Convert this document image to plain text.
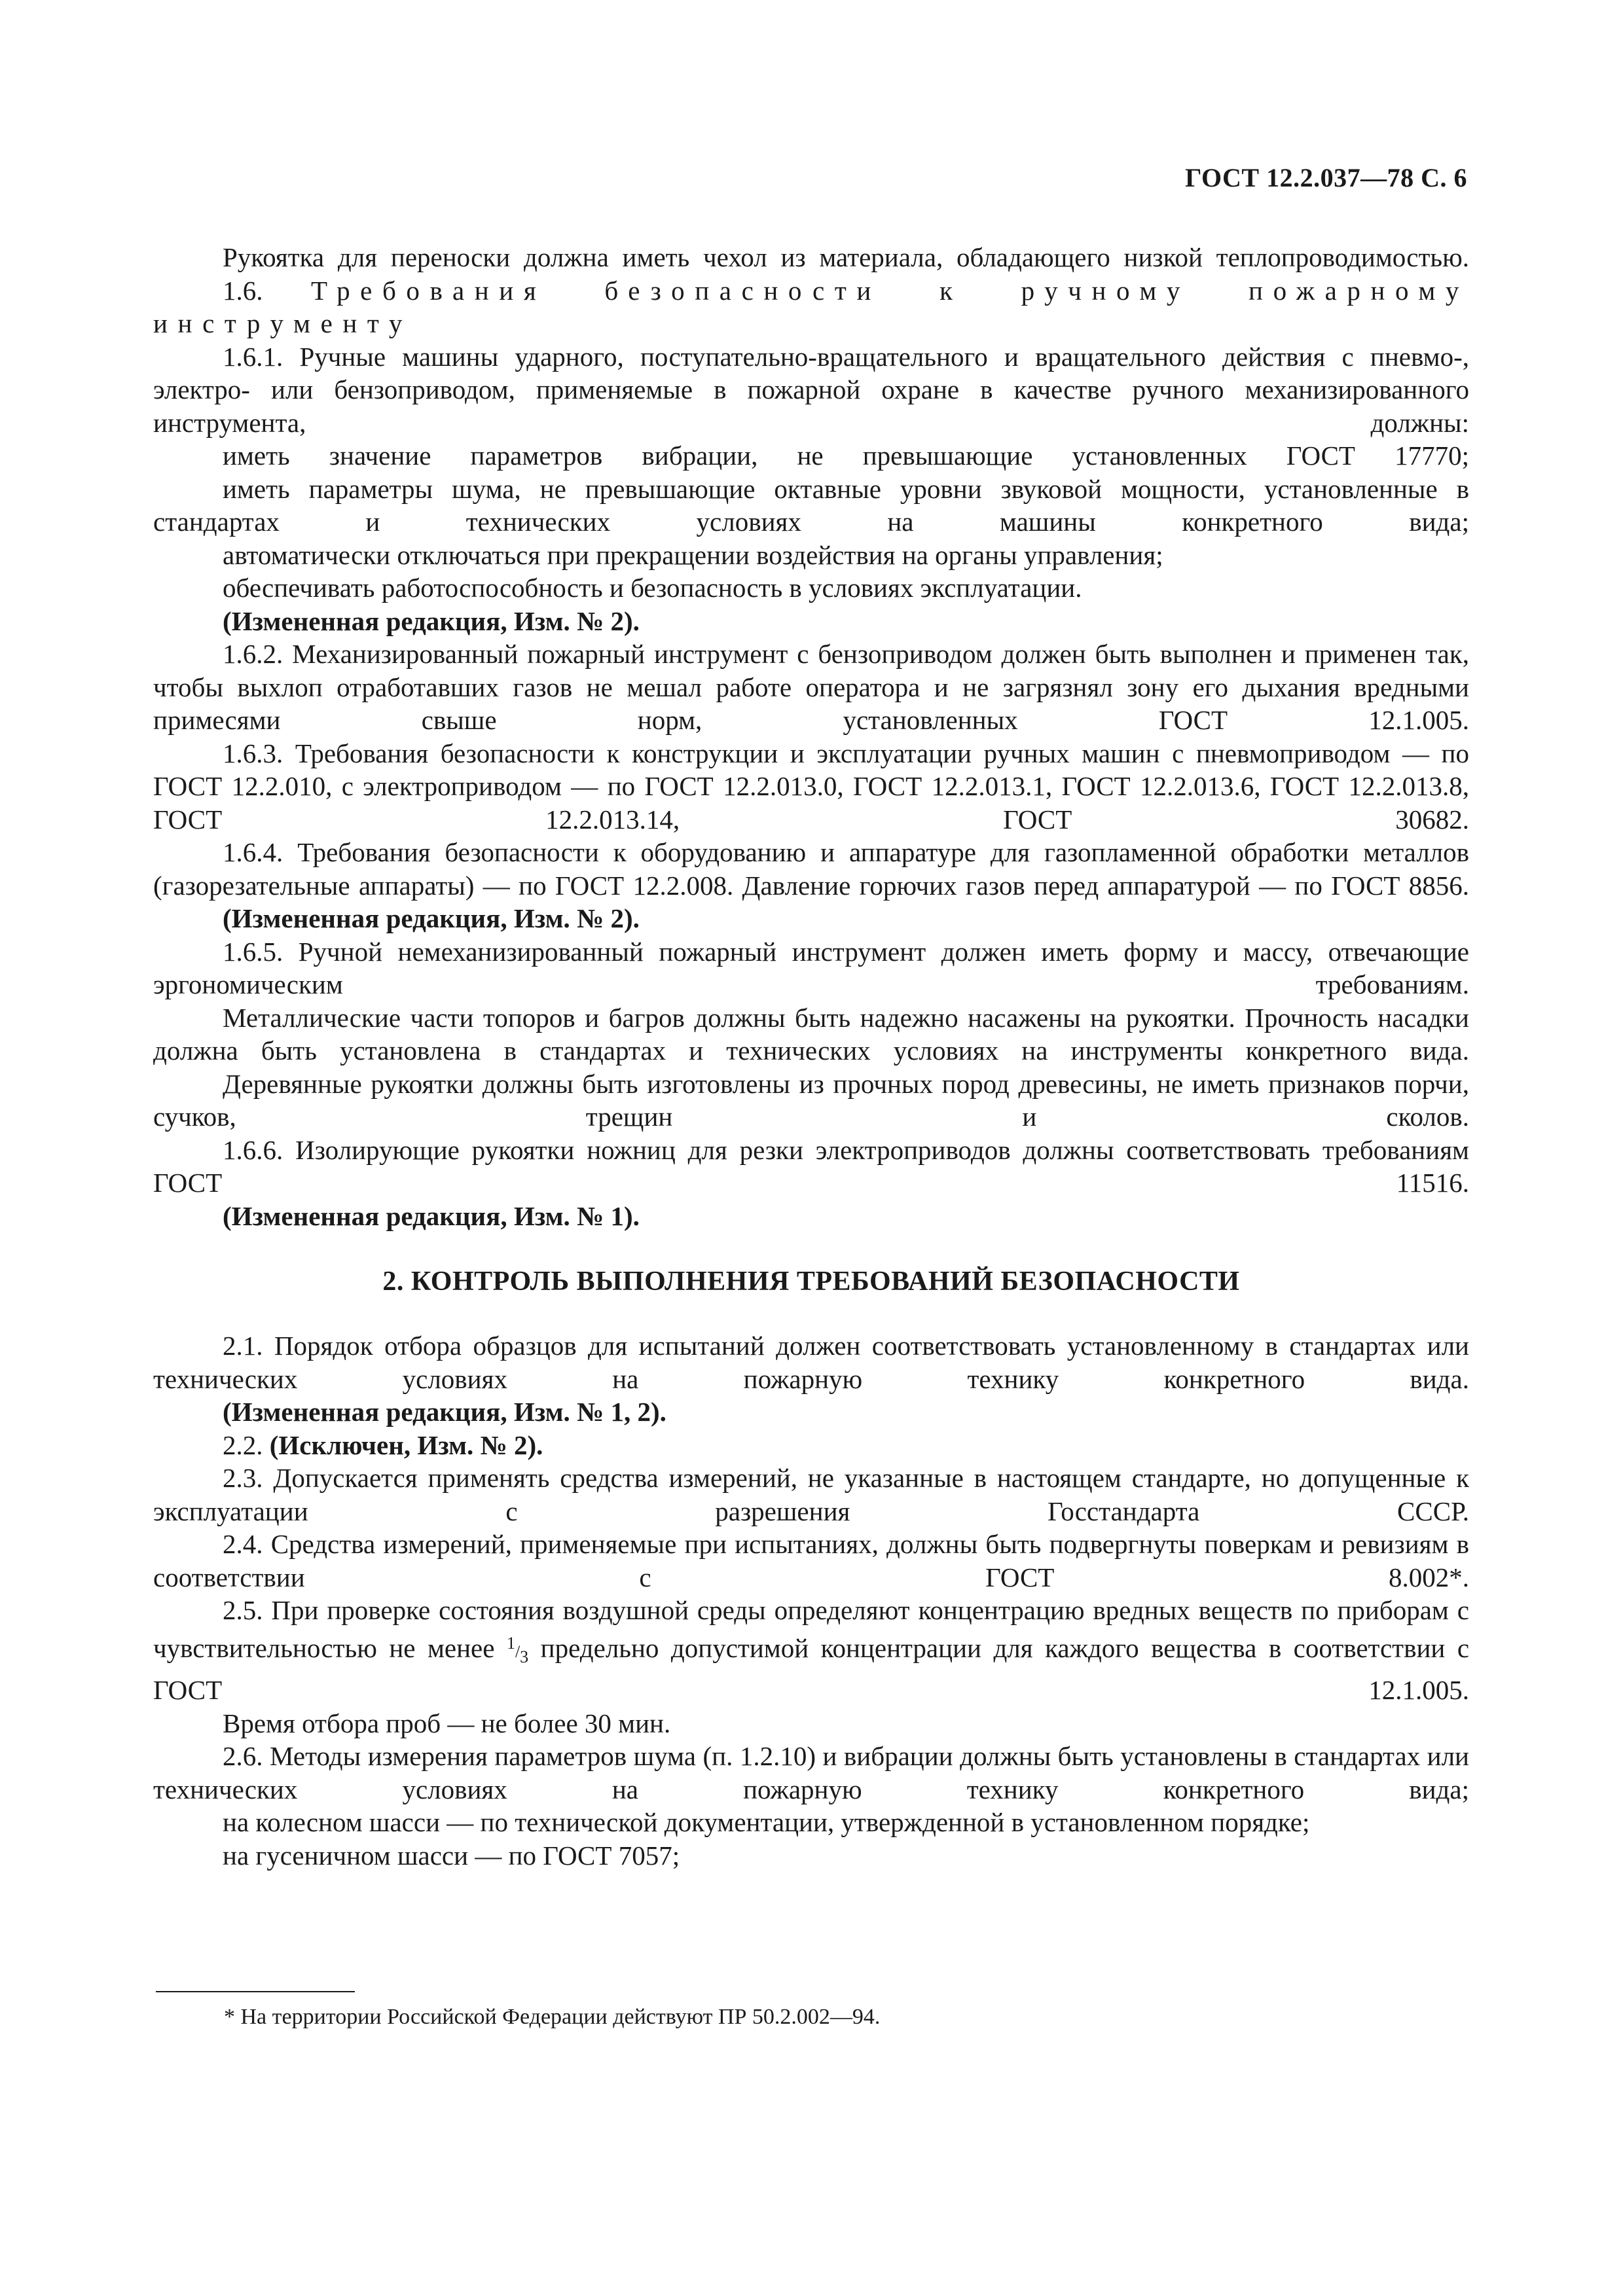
ГОСТ 12.2.037—78 С. 6

Рукоятка для переноски должна иметь чехол из материала, обладающего низкой теплопроводимостью.

1.6. Требования безопасности к ручному пожарному инструменту

1.6.1. Ручные машины ударного, поступательно-вращательного и вращательного действия с пневмо-, электро- или бензоприводом, применяемые в пожарной охране в качестве ручного механизированного инструмента, должны:

иметь значение параметров вибрации, не превышающие установленных ГОСТ 17770;

иметь параметры шума, не превышающие октавные уровни звуковой мощности, установленные в стандартах и технических условиях на машины конкретного вида;

автоматически отключаться при прекращении воздействия на органы управления;

обеспечивать работоспособность и безопасность в условиях эксплуатации.

(Измененная редакция, Изм. № 2).

1.6.2. Механизированный пожарный инструмент с бензоприводом должен быть выполнен и применен так, чтобы выхлоп отработавших газов не мешал работе оператора и не загрязнял зону его дыхания вредными примесями свыше норм, установленных ГОСТ 12.1.005.

1.6.3. Требования безопасности к конструкции и эксплуатации ручных машин с пневмоприводом — по ГОСТ 12.2.010, с электроприводом — по ГОСТ 12.2.013.0, ГОСТ 12.2.013.1, ГОСТ 12.2.013.6, ГОСТ 12.2.013.8, ГОСТ 12.2.013.14, ГОСТ 30682.

1.6.4. Требования безопасности к оборудованию и аппаратуре для газопламенной обработки металлов (газорезательные аппараты) — по ГОСТ 12.2.008. Давление горючих газов перед аппаратурой — по ГОСТ 8856.

(Измененная редакция, Изм. № 2).

1.6.5. Ручной немеханизированный пожарный инструмент должен иметь форму и массу, отвечающие эргономическим требованиям.

Металлические части топоров и багров должны быть надежно насажены на рукоятки. Прочность насадки должна быть установлена в стандартах и технических условиях на инструменты конкретного вида.

Деревянные рукоятки должны быть изготовлены из прочных пород древесины, не иметь признаков порчи, сучков, трещин и сколов.

1.6.6. Изолирующие рукоятки ножниц для резки электроприводов должны соответствовать требованиям ГОСТ 11516.

(Измененная редакция, Изм. № 1).

2. КОНТРОЛЬ ВЫПОЛНЕНИЯ ТРЕБОВАНИЙ БЕЗОПАСНОСТИ

2.1. Порядок отбора образцов для испытаний должен соответствовать установленному в стандартах или технических условиях на пожарную технику конкретного вида.

(Измененная редакция, Изм. № 1, 2).

2.2. (Исключен, Изм. № 2).

2.3. Допускается применять средства измерений, не указанные в настоящем стандарте, но допущенные к эксплуатации с разрешения Госстандарта СССР.

2.4. Средства измерений, применяемые при испытаниях, должны быть подвергнуты поверкам и ревизиям в соответствии с ГОСТ 8.002*.

2.5. При проверке состояния воздушной среды определяют концентрацию вредных веществ по приборам с чувствительностью не менее 1/3 предельно допустимой концентрации для каждого вещества в соответствии с ГОСТ 12.1.005.

Время отбора проб — не более 30 мин.

2.6. Методы измерения параметров шума (п. 1.2.10) и вибрации должны быть установлены в стандартах или технических условиях на пожарную технику конкретного вида;

на колесном шасси — по технической документации, утвержденной в установленном порядке;

на гусеничном шасси — по ГОСТ 7057;

* На территории Российской Федерации действуют ПР 50.2.002—94.
